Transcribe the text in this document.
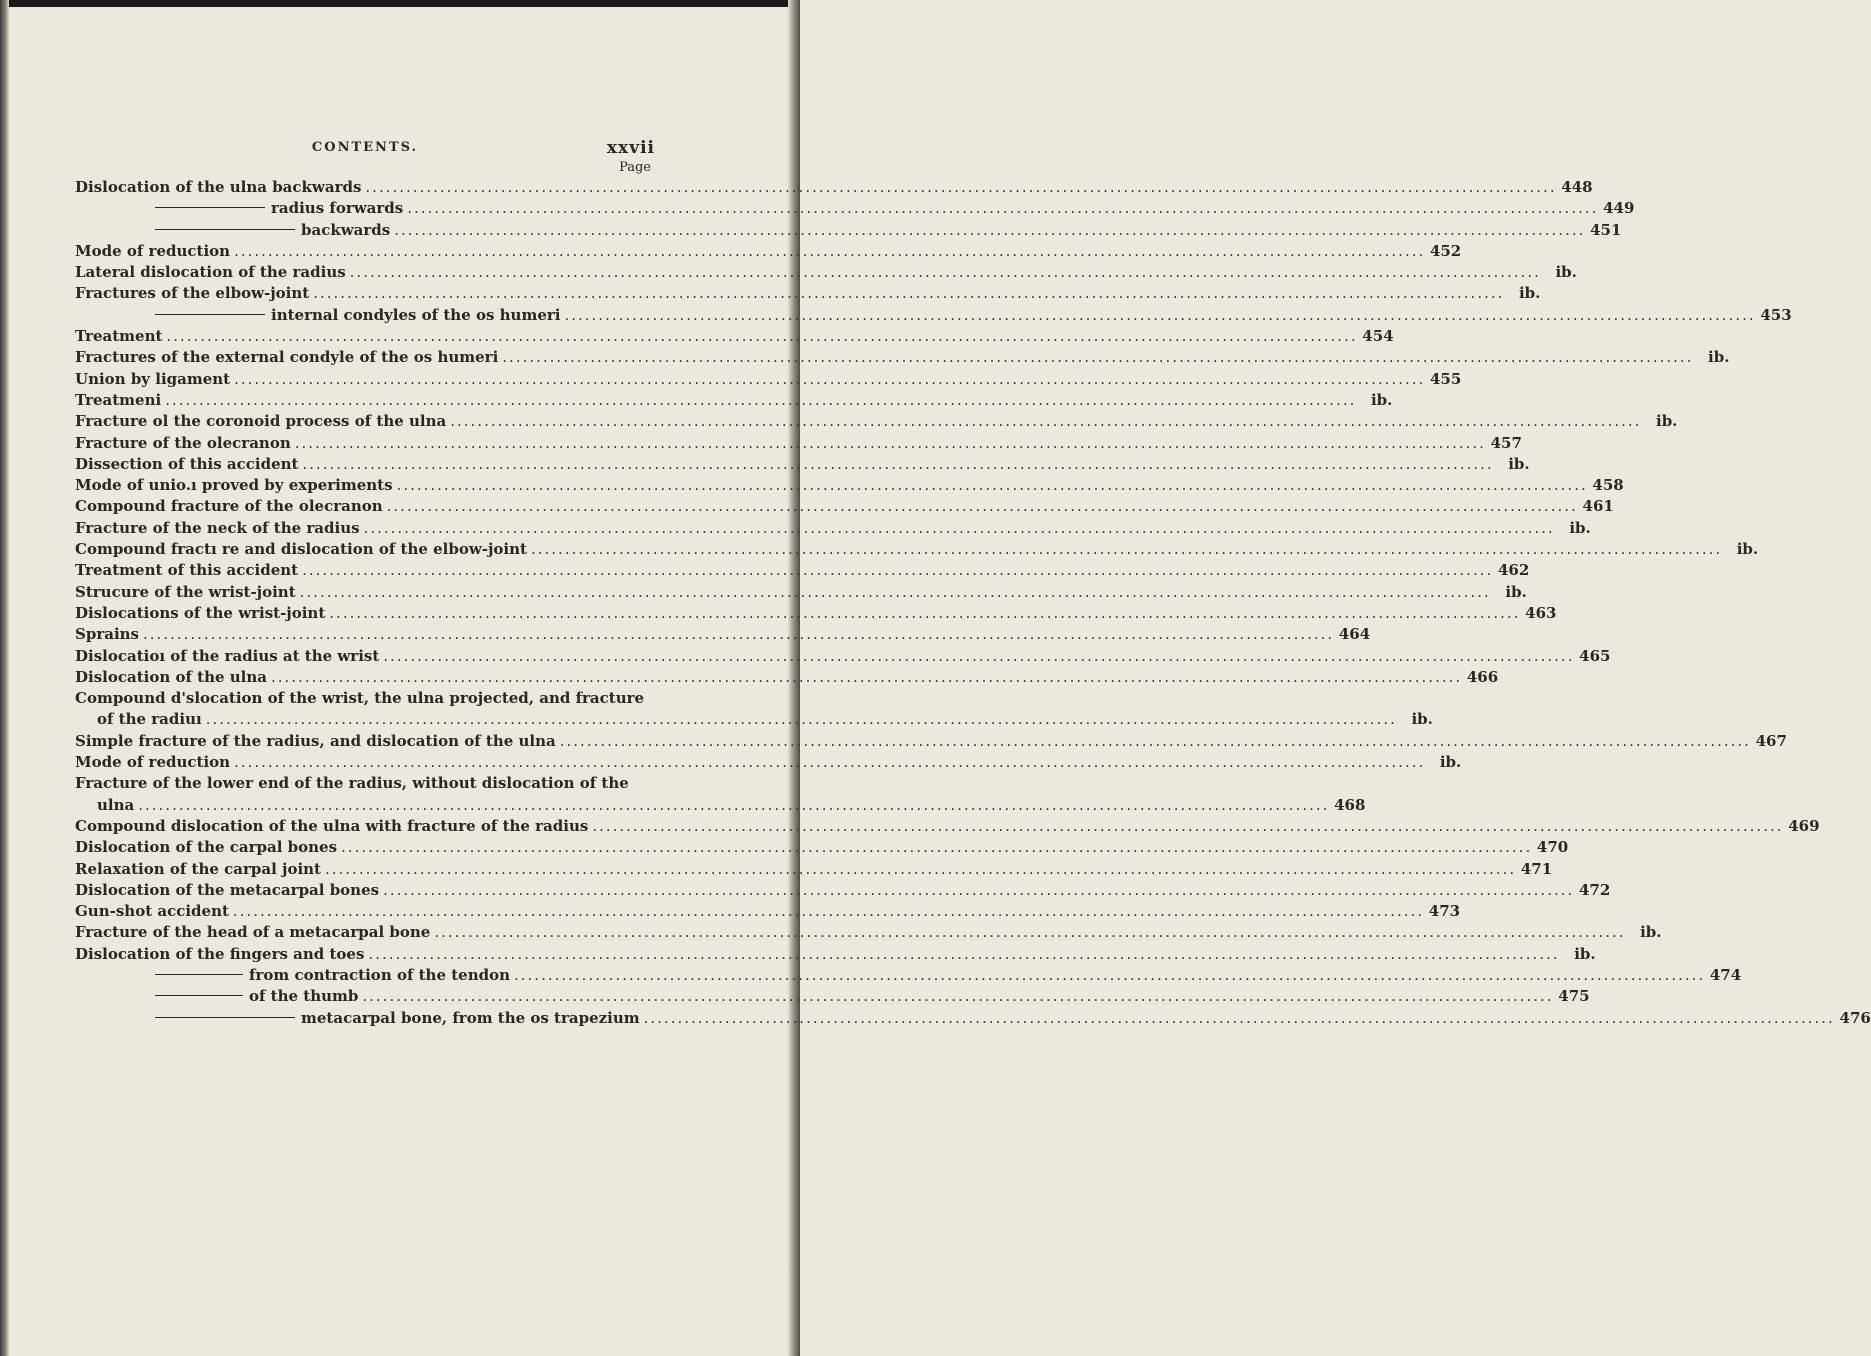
CONTENTS.	xxvii
Page
Dislocation of the ulna backwards .....	448
radius forwards .....	449
backwards .....	451
Mode of reduction .....	452
Lateral dislocation of the radius .....	ib.
Fractures of the elbow-joint .....	ib.
internal condyles of the os humeri .....	453
Treatment .....	454
Fractures of the external condyle of the os humeri .....	ib.
Union by ligament .....	455
Treatmeni .....	ib.
Fracture ol the coronoid process of the ulna .....	ib.
Fracture of the olecranon .....	457
Dissection of this accident .....	ib.
Mode of unio.ı proved by experiments .....	458
Compound fracture of the olecranon .....	461
Fracture of the neck of the radius .....	ib.
Compound fractı re and dislocation of the elbow-joint .....	ib.
Treatment of this accident .....	462
Strucure of the wrist-joint .....	ib.
Dislocations of the wrist-joint .....	463
Sprains .....	464
Dislocatioı of the radius at the wrist .....	465
Dislocation of the ulna .....	466
Compound d'slocation of the wrist, the ulna projected, and fracture
of the radiuı .....	ib.
Simple fracture of the radius, and dislocation of the ulna .....	467
Mode of reduction .....	ib.
Fracture of the lower end of the radius, without dislocation of the
ulna .....	468
Compound dislocation of the ulna with fracture of the radius .....	469
Dislocation of the carpal bones .....	470
Relaxation of the carpal joint .....	471
Dislocation of the metacarpal bones .....	472
Gun-shot accident .....	473
Fracture of the head of a metacarpal bone .....	ib.
Dislocation of the fingers and toes .....	ib.
from contraction of the tendon .....	474
of the thumb .....	475
metacarpal bone, from the os trapezium .....	476
